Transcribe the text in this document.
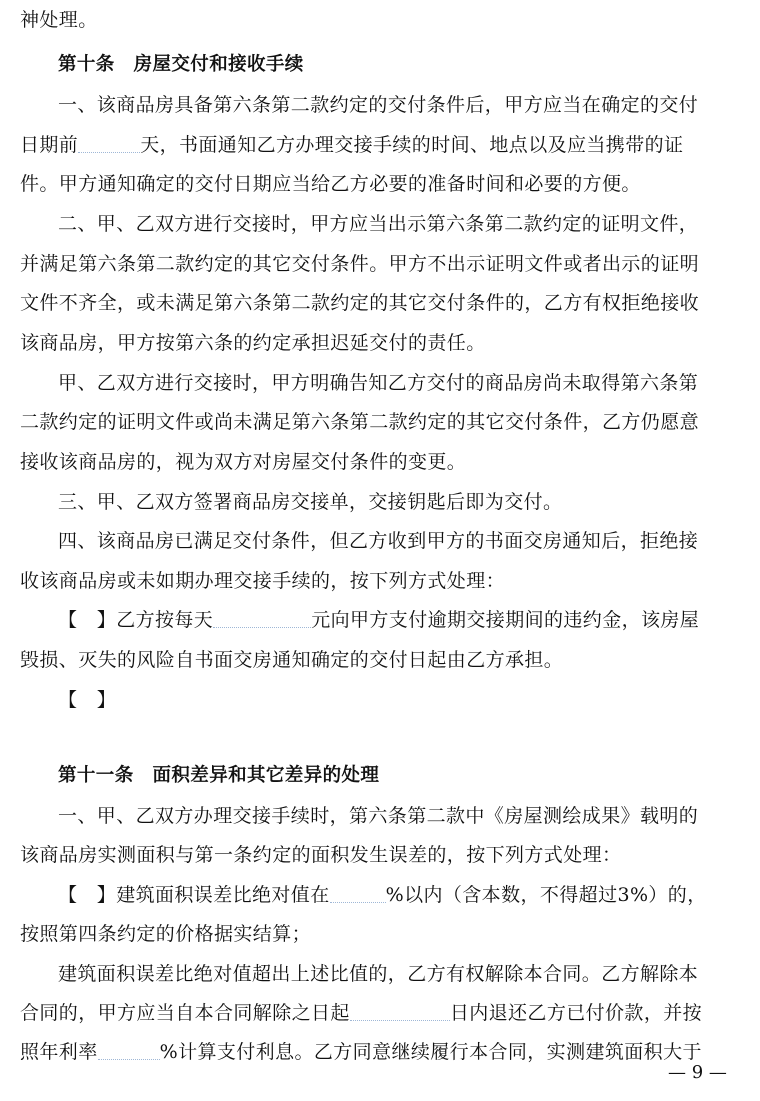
神处理。
第十条　房屋交付和接收手续
一、该商品房具备第六条第二款约定的交付条件后，甲方应当在确定的交付
日期前	天，书面通知乙方办理交接手续的时间、地点以及应当携带的证
件。甲方通知确定的交付日期应当给乙方必要的准备时间和必要的方便。
二、甲、乙双方进行交接时，甲方应当出示第六条第二款约定的证明文件，
并满足第六条第二款约定的其它交付条件。甲方不出示证明文件或者出示的证明
文件不齐全，或未满足第六条第二款约定的其它交付条件的，乙方有权拒绝接收
该商品房，甲方按第六条的约定承担迟延交付的责任。
甲、乙双方进行交接时，甲方明确告知乙方交付的商品房尚未取得第六条第
二款约定的证明文件或尚未满足第六条第二款约定的其它交付条件，乙方仍愿意
接收该商品房的，视为双方对房屋交付条件的变更。
三、甲、乙双方签署商品房交接单，交接钥匙后即为交付。
四、该商品房已满足交付条件，但乙方收到甲方的书面交房通知后，拒绝接
收该商品房或未如期办理交接手续的，按下列方式处理：
【　】乙方按每天	元向甲方支付逾期交接期间的违约金，该房屋
毁损、灭失的风险自书面交房通知确定的交付日起由乙方承担。
【　】
第十一条　面积差异和其它差异的处理
一、甲、乙双方办理交接手续时，第六条第二款中《房屋测绘成果》载明的
该商品房实测面积与第一条约定的面积发生误差的，按下列方式处理：
【　】建筑面积误差比绝对值在	%以内（含本数，不得超过3%）的，
按照第四条约定的价格据实结算；
建筑面积误差比绝对值超出上述比值的，乙方有权解除本合同。乙方解除本
合同的，甲方应当自本合同解除之日起	日内退还乙方已付价款，并按
照年利率	%计算支付利息。乙方同意继续履行本合同，实测建筑面积大于
— 9 —
